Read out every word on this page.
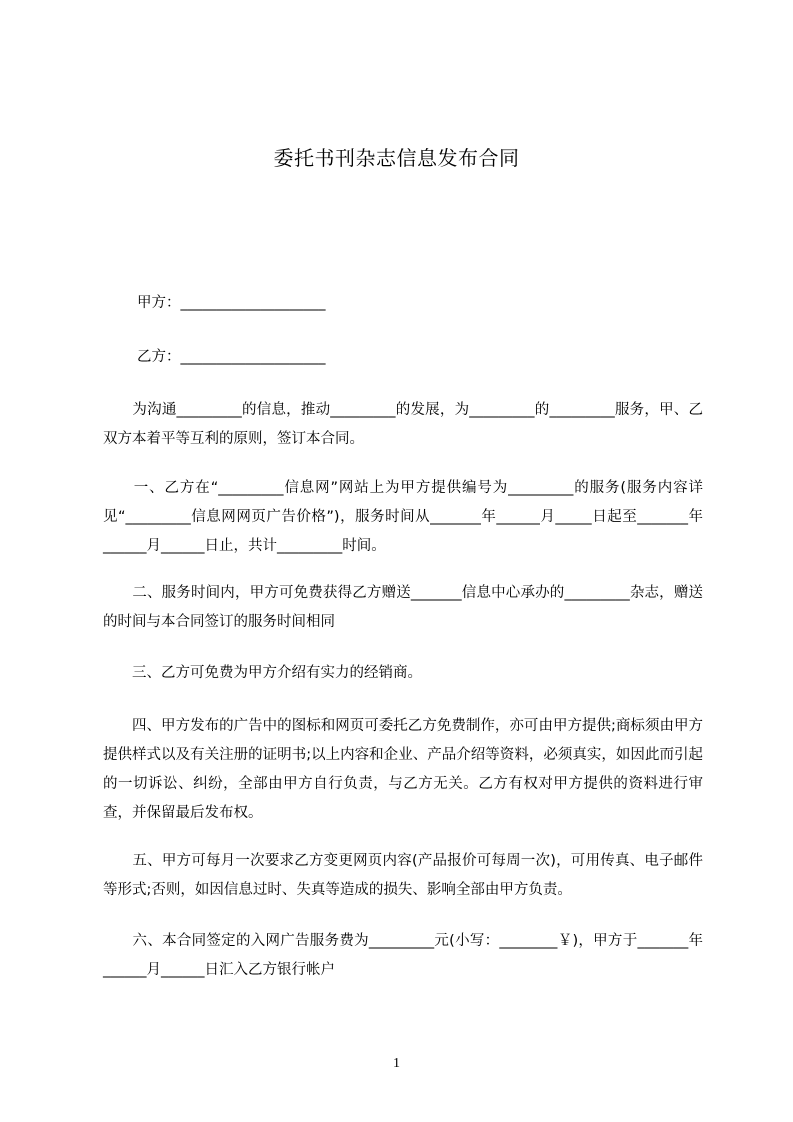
委托书刊杂志信息发布合同
甲方：____________________
乙方：____________________

　　为沟通_________的信息，推动_________的发展，为_________的_________服务，甲、乙双方本着平等互利的原则，签订本合同。

　　一、乙方在“_________信息网”网站上为甲方提供编号为_________的服务(服务内容详见“_________信息网网页广告价格”)，服务时间从_______年______月_____日起至_______年______月______日止，共计_________时间。

　　二、服务时间内，甲方可免费获得乙方赠送_______信息中心承办的_________杂志，赠送的时间与本合同签订的服务时间相同

　　三、乙方可免费为甲方介绍有实力的经销商。

　　四、甲方发布的广告中的图标和网页可委托乙方免费制作，亦可由甲方提供;商标须由甲方提供样式以及有关注册的证明书;以上内容和企业、产品介绍等资料，必须真实，如因此而引起的一切诉讼、纠纷，全部由甲方自行负责，与乙方无关。乙方有权对甲方提供的资料进行审查，并保留最后发布权。

　　五、甲方可每月一次要求乙方变更网页内容(产品报价可每周一次)，可用传真、电子邮件等形式;否则，如因信息过时、失真等造成的损失、影响全部由甲方负责。

　　六、本合同签定的入网广告服务费为_________元(小写：________￥)，甲方于_______年______月______日汇入乙方银行帐户

1
